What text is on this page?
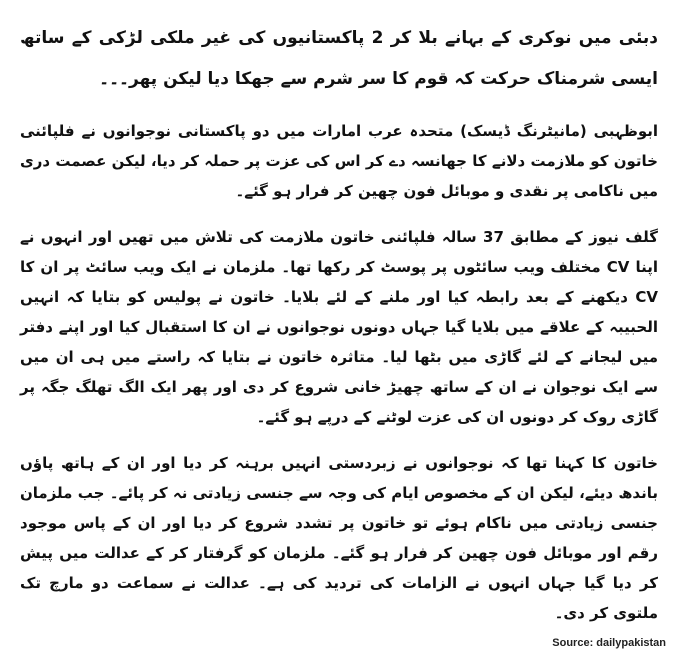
دبئی میں نوکری کے بہانے بلا کر 2 پاکستانیوں کی غیر ملکی لڑکی کے ساتھ ایسی شرمناک حرکت کہ قوم کا سر شرم سے جھکا دیا لیکن پھر۔۔۔

ابوظہبی (مانیٹرنگ ڈیسک) متحدہ عرب امارات میں دو پاکستانی نوجوانوں نے فلپائنی خاتون کو ملازمت دلانے کا جھانسہ دے کر اس کی عزت پر حملہ کر دیا، لیکن عصمت دری میں ناکامی پر نقدی و موبائل فون چھین کر فرار ہو گئے۔

گلف نیوز کے مطابق 37 سالہ فلپائنی خاتون ملازمت کی تلاش میں تھیں اور انہوں نے اپنا CV مختلف ویب سائٹوں پر پوسٹ کر رکھا تھا۔ ملزمان نے ایک ویب سائٹ پر ان کا CV دیکھنے کے بعد رابطہ کیا اور ملنے کے لئے بلایا۔ خاتون نے پولیس کو بتایا کہ انہیں الحبیبہ کے علاقے میں بلایا گیا جہاں دونوں نوجوانوں نے ان کا استقبال کیا اور اپنے دفتر میں لیجانے کے لئے گاڑی میں بٹھا لیا۔ متاثرہ خاتون نے بتایا کہ راستے میں ہی ان میں سے ایک نوجوان نے ان کے ساتھ چھیڑ خانی شروع کر دی اور پھر ایک الگ تھلگ جگہ پر گاڑی روک کر دونوں ان کی عزت لوٹنے کے درپے ہو گئے۔

خاتون کا کہنا تھا کہ نوجوانوں نے زبردستی انہیں برہنہ کر دیا اور ان کے ہاتھ پاؤں باندھ دیئے، لیکن ان کے مخصوص ایام کی وجہ سے جنسی زیادتی نہ کر پائے۔ جب ملزمان جنسی زیادتی میں ناکام ہوئے تو خاتون پر تشدد شروع کر دیا اور ان کے پاس موجود رقم اور موبائل فون چھین کر فرار ہو گئے۔ ملزمان کو گرفتار کر کے عدالت میں پیش کر دیا گیا جہاں انہوں نے الزامات کی تردید کی ہے۔ عدالت نے سماعت دو مارچ تک ملتوی کر دی۔

Source: dailypakistan
